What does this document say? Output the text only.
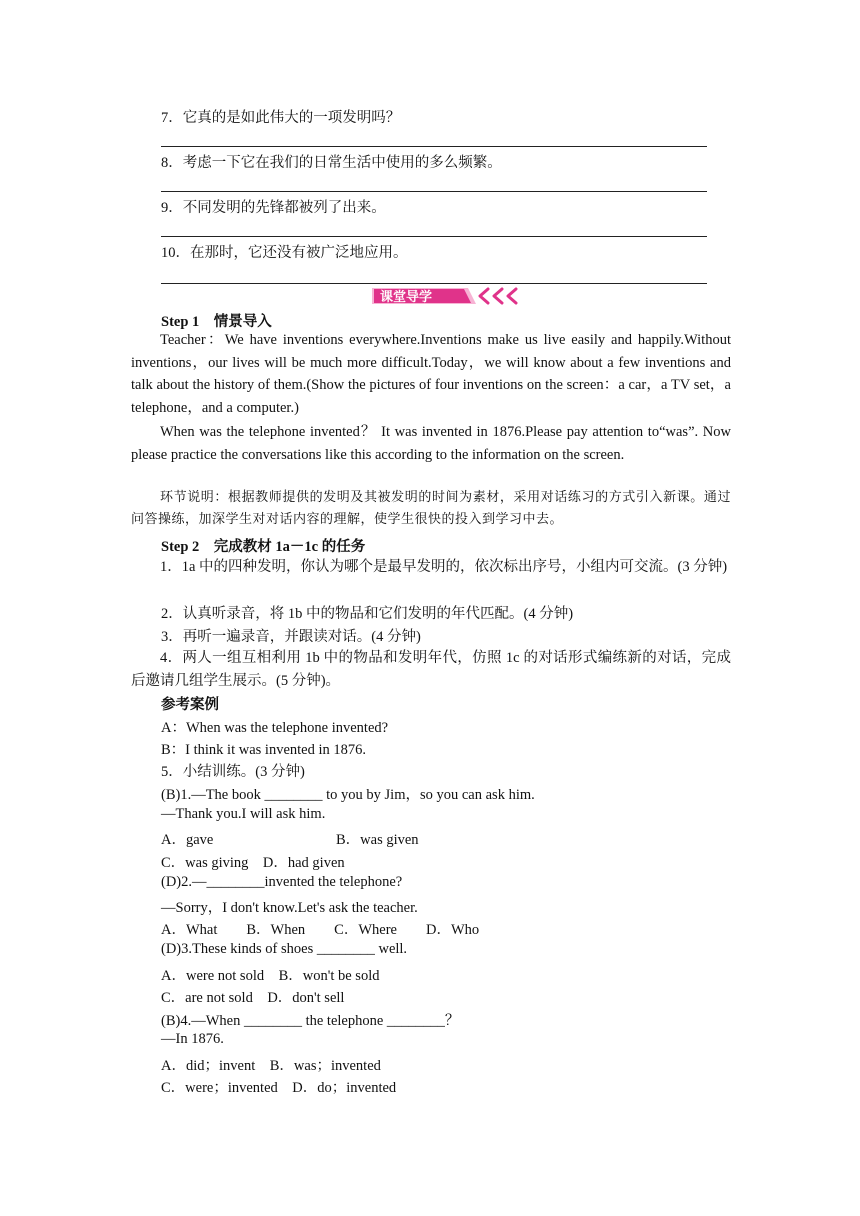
7．它真的是如此伟大的一项发明吗？
8．考虑一下它在我们的日常生活中使用的多么频繁。
9．不同发明的先锋都被列了出来。
10．在那时，它还没有被广泛地应用。
课堂导学
Step 1　情景导入
Teacher：We have inventions everywhere.Inventions make us live easily and happily.Without inventions，our lives will be much more difficult.Today，we will know about a few inventions and talk about the history of them.(Show the pictures of four inventions on the screen：a car，a TV set，a telephone，and a computer.)
When was the telephone invented？ It was invented in 1876.Please pay attention to“was”. Now please practice the conversations like this according to the information on the screen.
环节说明：根据教师提供的发明及其被发明的时间为素材，采用对话练习的方式引入新课。通过问答操练，加深学生对对话内容的理解，使学生很快的投入到学习中去。
Step 2　完成教材 1a－1c 的任务
1．1a 中的四种发明，你认为哪个是最早发明的，依次标出序号，小组内可交流。(3 分钟)
2．认真听录音，将 1b 中的物品和它们发明的年代匹配。(4 分钟)
3．再听一遍录音，并跟读对话。(4 分钟)
4．两人一组互相利用 1b 中的物品和发明年代，仿照 1c 的对话形式编练新的对话，完成后邀请几组学生展示。(5 分钟)。
参考案例
A：When was the telephone invented?
B：I think it was invented in 1876.
5．小结训练。(3 分钟)
(B)1.—The book ________ to you by Jim，so you can ask him.
—Thank you.I will ask him.
A．gave	B．was given
C．was giving　D．had given
(D)2.—________invented the telephone?
—Sorry，I don't know.Let's ask the teacher.
A．What　　B．When　　C．Where　　D．Who
(D)3.These kinds of shoes ________ well.
A．were not sold　B．won't be sold
C．are not sold　D．don't sell
(B)4.—When ________ the telephone ________？
—In 1876.
A．did；invent　B．was；invented
C．were；invented　D．do；invented
